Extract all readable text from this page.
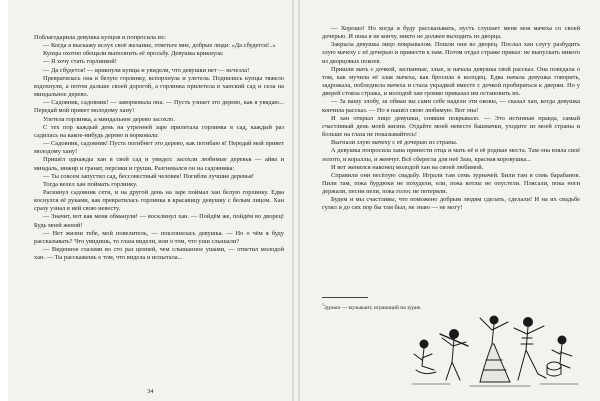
Поблагодарила девушка купцов и попросила их:

— Когда я выскажу вслух своё желание, ответьте мне, добрые люди: «Да сбудется!..»

Купцы охотно обещали выполнить её просьбу. Девушка крикнула:

— Я хочу стать горлинкой!

— Да сбудется! — крикнули купцы и увидели, что девушки нет — исчезла!

Превратилась она в белую горлинку, вспорхнула и улетела. Поднялись купцы тяжело вздохнули, а потом дальше своей дорогой, а горлинка прилетела в ханский сад и села на миндальное дерево.

— Садовник, садовник! — заворковала она. — Пусть узнает это дерево, как я увядаю... Передай мой привет молодому хану!

Улетела горлинка, а миндальное дерево засохло.

С тех пор каждый день на утренней заре прилетала горлинка в сад, каждый раз садилась на какое-нибудь дерево и ворковала:

— Садовник, садовник! Пусть погибнет это дерево, как погибаю я! Передай мой привет молодому хану!

Пришёл однажды хан в свой сад и увидел: засохли любимые деревья — айва и миндаль, инжир и гранат, персики и груши. Разгневался он на садовника:

— Ты совсем запустил сад, бессовестный человек! Погибли лучшие деревья!

Тогда велел хан поймать горлинку.

Раскинул садовник сети, и на другой день на заре поймал хан белую горлинку. Едва коснулся её руками, как превратилась горлинка в красавицу девушку с белым лицом. Хан сразу узнал в ней свою невесту.

— Значит, вот как меня обманули! — восклинул хан. — Пойдём же, пойдём во дворец! Будь моей женой!

— Нет жизни тебе, мой повелитель, — поклонилась девушка. — Но о чём я буду рассказывать? Что увидишь, то глаза видели, или о том, что уши слышали?

— Виденное глазами во сто раз ценней, чем слышанное ушами, — ответил молодой хан. — Ты расскажешь о том, что видела и испытала...

34

— Хорошо! Но когда я буду рассказывать, пусть слушает меня моя мачеха со своей дочерью. И пока я не кончу, никто не должен выходить из дворца.

Закрыла девушка лицо покрывалом. Пошли они во дворец. Послал хан слугу разбудить злую мачеху с её дочерью и привести к нам. Потом отдал страже приказ: не выпускать никого из дворцовых покоев.

Пришли мать с дочкой, заспанные, злые, и начала девушка свой рассказ. Она поведала о том, как мучила её злая мачеха, как бросила в колодец. Едва начала девушка говорить, задрожала, побледнела мачеха и стала украдкой вместе с дочкой пробираться к дверям. Но у дверей стояла стража, и молодой хан громко приказал им остановить их.

— За вашу злобу, за обман вы сами себе надели эти оковы, — сказал хан, когда девушка кончила рассказ. — Но я нашёл свою любимую. Вот она!

И хан открыл лицо девушки, снявши покрывало. — Это истинная правда, самый счастливый день моей жизни. Отдайте моей невесте башмачки, уходите из моей страны и больше на глаза не показывайтесь!

Выгнали злую мачеху с её дочерью из страны.

А девушка попросила хана принести отца и мать её в её родные места. Там она взяла своё золото, и кораллы, и жемчуг. Всё сберегла для неё Заза, красная коровушка...

И вот женился наконец молодой хан на своей любимой.

Справили они весёлую свадьбу. Играли там семь зурначей. Били там в семь барабанов. Пили там, пока бурдюки не похудели, ели, пока котлы не опустели. Плясали, пока ноги держали, песни пели, пока голос не потеряли.

Будем и мы счастливы, что поможено добрым людям сделать, сделали! И на их свадьбе гулял и до сих пор бы там был, не знаю — не могу!

$^1$Зурнач — музыкант, играющий на зурне.
